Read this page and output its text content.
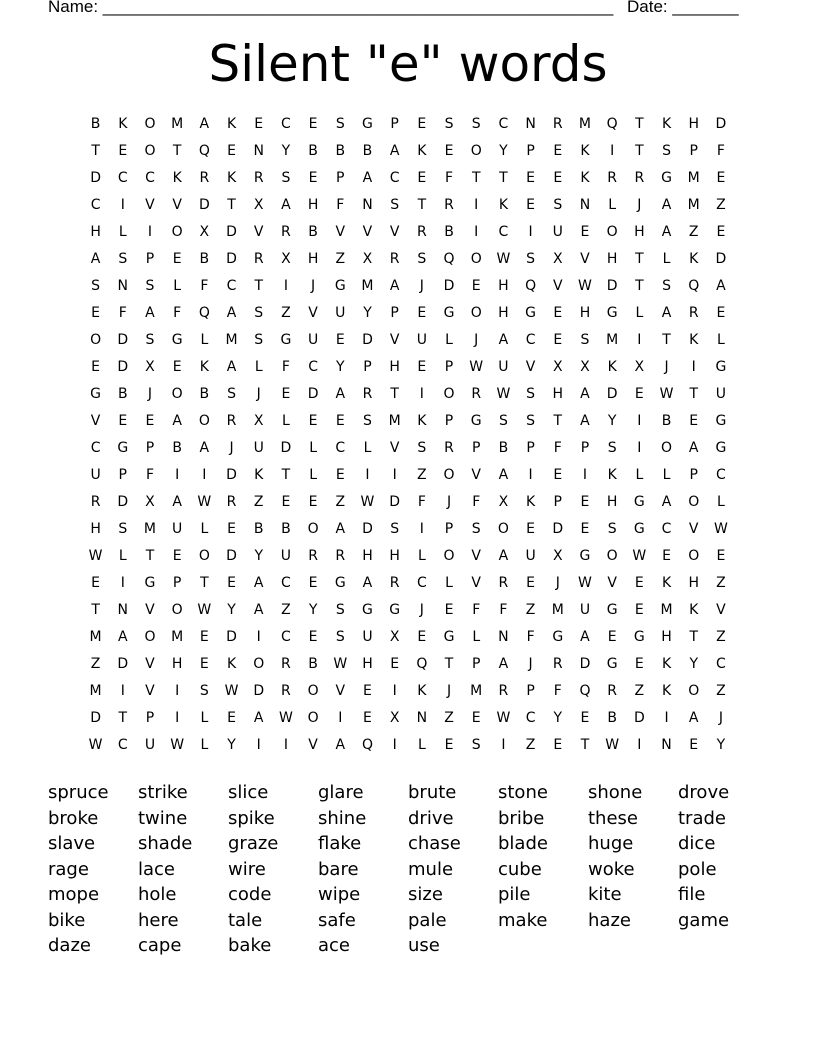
Name: ______________________________________________________ Date: _______
Silent "e" words
B	K	O	M	A	K	E	C	E	S	G	P	E	S	S	C	N	R	M	Q	T	K	H	D
T	E	O	T	Q	E	N	Y	B	B	B	A	K	E	O	Y	P	E	K	I	T	S	P	F
D	C	C	K	R	K	R	S	E	P	A	C	E	F	T	T	E	E	K	R	R	G	M	E
C	I	V	V	D	T	X	A	H	F	N	S	T	R	I	K	E	S	N	L	J	A	M	Z
H	L	I	O	X	D	V	R	B	V	V	V	R	B	I	C	I	U	E	O	H	A	Z	E
A	S	P	E	B	D	R	X	H	Z	X	R	S	Q	O	W	S	X	V	H	T	L	K	D
S	N	S	L	F	C	T	I	J	G	M	A	J	D	E	H	Q	V	W	D	T	S	Q	A
E	F	A	F	Q	A	S	Z	V	U	Y	P	E	G	O	H	G	E	H	G	L	A	R	E
O	D	S	G	L	M	S	G	U	E	D	V	U	L	J	A	C	E	S	M	I	T	K	L
E	D	X	E	K	A	L	F	C	Y	P	H	E	P	W	U	V	X	X	K	X	J	I	G
G	B	J	O	B	S	J	E	D	A	R	T	I	O	R	W	S	H	A	D	E	W	T	U
V	E	E	A	O	R	X	L	E	E	S	M	K	P	G	S	S	T	A	Y	I	B	E	G
C	G	P	B	A	J	U	D	L	C	L	V	S	R	P	B	P	F	P	S	I	O	A	G
U	P	F	I	I	D	K	T	L	E	I	I	Z	O	V	A	I	E	I	K	L	L	P	C
R	D	X	A	W	R	Z	E	E	Z	W	D	F	J	F	X	K	P	E	H	G	A	O	L
H	S	M	U	L	E	B	B	O	A	D	S	I	P	S	O	E	D	E	S	G	C	V	W
W	L	T	E	O	D	Y	U	R	R	H	H	L	O	V	A	U	X	G	O	W	E	O	E
E	I	G	P	T	E	A	C	E	G	A	R	C	L	V	R	E	J	W	V	E	K	H	Z
T	N	V	O	W	Y	A	Z	Y	S	G	G	J	E	F	F	Z	M	U	G	E	M	K	V
M	A	O	M	E	D	I	C	E	S	U	X	E	G	L	N	F	G	A	E	G	H	T	Z
Z	D	V	H	E	K	O	R	B	W	H	E	Q	T	P	A	J	R	D	G	E	K	Y	C
M	I	V	I	S	W	D	R	O	V	E	I	K	J	M	R	P	F	Q	R	Z	K	O	Z
D	T	P	I	L	E	A	W	O	I	E	X	N	Z	E	W	C	Y	E	B	D	I	A	J
W	C	U	W	L	Y	I	I	V	A	Q	I	L	E	S	I	Z	E	T	W	I	N	E	Y
spruce	strike	slice	glare	brute	stone	shone	drove
broke	twine	spike	shine	drive	bribe	these	trade
slave	shade	graze	flake	chase	blade	huge	dice
rage	lace	wire	bare	mule	cube	woke	pole
mope	hole	code	wipe	size	pile	kite	file
bike	here	tale	safe	pale	make	haze	game
daze	cape	bake	ace	use
